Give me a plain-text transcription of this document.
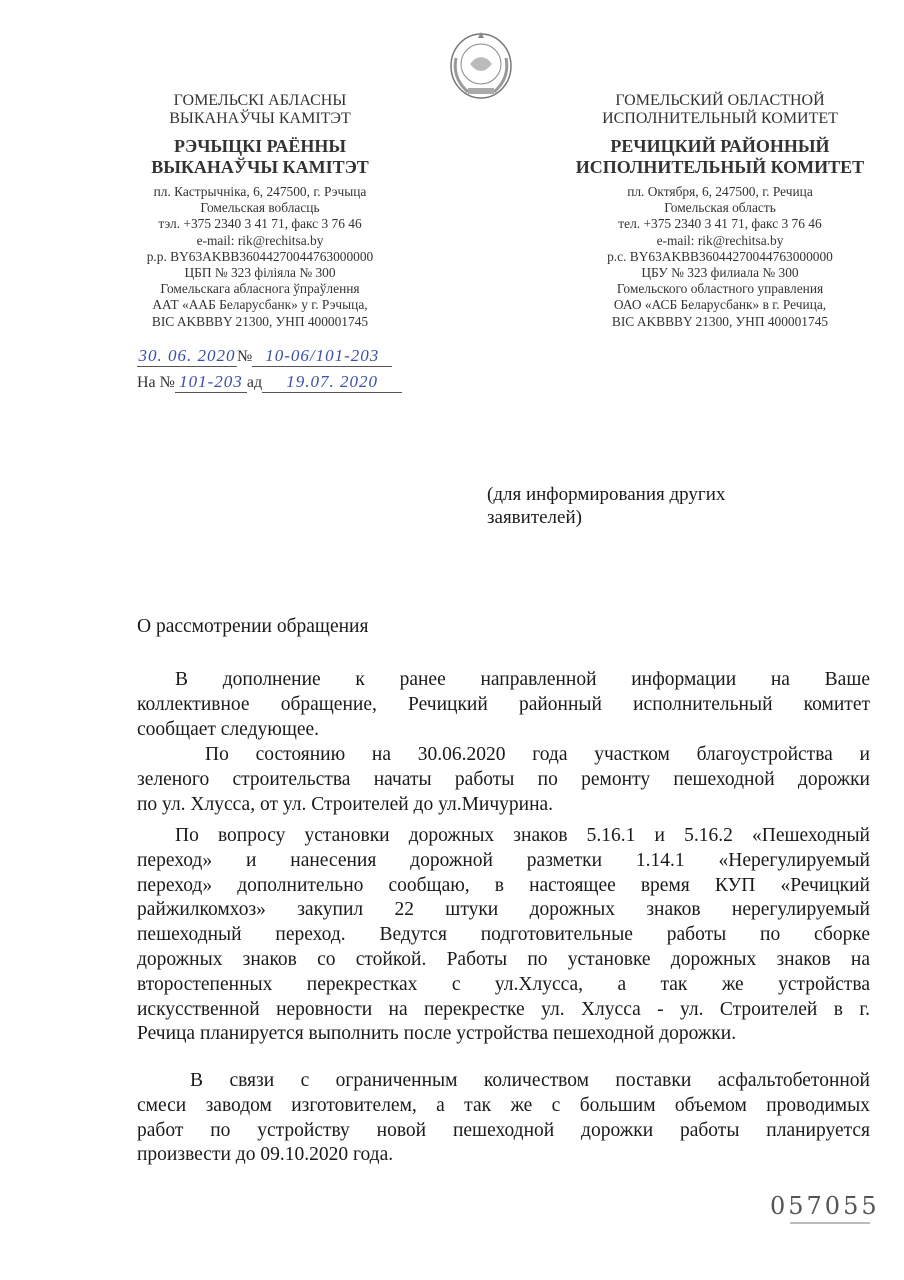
ГОМЕЛЬСКІ АБЛАСНЫ
ВЫКАНАЎЧЫ КАМІТЭТ
РЭЧЫЦКІ РАЁННЫ
ВЫКАНАЎЧЫ КАМІТЭТ
пл. Кастрычніка, 6, 247500, г. Рэчыца
Гомельская вобласць
тэл. +375 2340 3 41 71, факс 3 76 46
e-mail: rik@rechitsa.by
р.р. BY63AKBB36044270044763000000
ЦБП № 323 філіяла № 300
Гомельскага абласнога ўпраўлення
ААТ «ААБ Беларусбанк» у г. Рэчыца,
BIC AKBBBY 21300, УНП 400001745
ГОМЕЛЬСКИЙ ОБЛАСТНОЙ
ИСПОЛНИТЕЛЬНЫЙ КОМИТЕТ
РЕЧИЦКИЙ РАЙОННЫЙ
ИСПОЛНИТЕЛЬНЫЙ КОМИТЕТ
пл. Октября, 6, 247500, г. Речица
Гомельская область
тел. +375 2340 3 41 71, факс 3 76 46
e-mail: rik@rechitsa.by
р.с. BY63AKBB36044270044763000000
ЦБУ № 323 филиала № 300
Гомельского областного управления
ОАО «АСБ Беларусбанк» в г. Речица,
BIC AKBBBY 21300, УНП 400001745
30. 06. 2020№ 10-06/101-203
На № 101-203 ад 19.07. 2020
(для информирования других
заявителей)
О рассмотрении обращения
В дополнение к ранее направленной информации на Ваше
коллективное обращение, Речицкий районный исполнительный комитет
сообщает следующее.
По состоянию на 30.06.2020 года участком благоустройства и
зеленого строительства начаты работы по ремонту пешеходной дорожки
по ул. Хлусса, от ул. Строителей до ул.Мичурина.
По вопросу установки дорожных знаков 5.16.1 и 5.16.2 «Пешеходный
переход» и нанесения дорожной разметки 1.14.1 «Нерегулируемый
переход» дополнительно сообщаю, в настоящее время КУП «Речицкий
райжилкомхоз» закупил 22 штуки дорожных знаков нерегулируемый
пешеходный переход. Ведутся подготовительные работы по сборке
дорожных знаков со стойкой. Работы по установке дорожных знаков на
второстепенных перекрестках с ул.Хлусса, а так же устройства
искусственной неровности на перекрестке ул. Хлусса - ул. Строителей в г.
Речица планируется выполнить после устройства пешеходной дорожки.
В связи с ограниченным количеством поставки асфальтобетонной
смеси заводом изготовителем, а так же с большим объемом проводимых
работ по устройству новой пешеходной дорожки работы планируется
произвести до 09.10.2020 года.
057055
